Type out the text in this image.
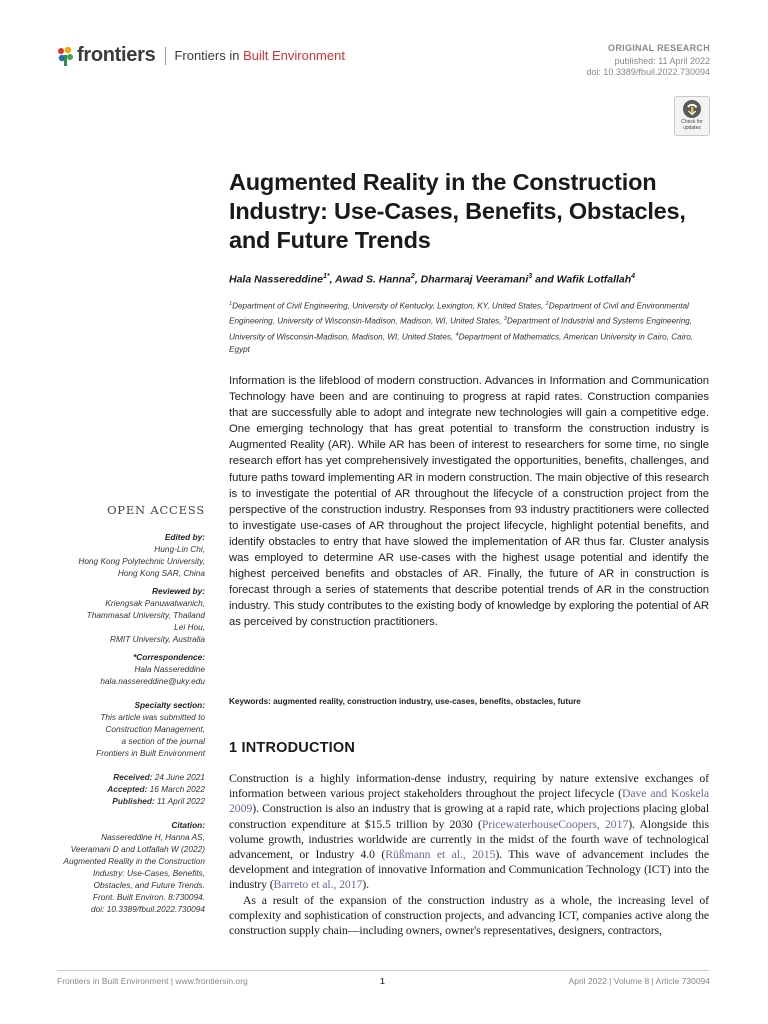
frontiers Frontiers in Built Environment	ORIGINAL RESEARCH
published: 11 April 2022
doi: 10.3389/fbuil.2022.730094
Check for
updates
Augmented Reality in the Construction Industry: Use-Cases, Benefits, Obstacles, and Future Trends
Hala Nassereddine$^{1*}$, Awad S. Hanna$^2$, Dharmaraj Veeramani$^3$ and Wafik Lotfallah$^4$
$^1$Department of Civil Engineering, University of Kentucky, Lexington, KY, United States, $^2$Department of Civil and Environmental Engineering, University of Wisconsin-Madison, Madison, WI, United States, $^3$Department of Industrial and Systems Engineering, University of Wisconsin-Madison, Madison, WI, United States, $^4$Department of Mathematics, American University in Cairo, Cairo, Egypt
Information is the lifeblood of modern construction. Advances in Information and Communication Technology have been and are continuing to progress at rapid rates. Construction companies that are successfully able to adopt and integrate new technologies will gain a competitive edge. One emerging technology that has great potential to transform the construction industry is Augmented Reality (AR). While AR has been of interest to researchers for some time, no single research effort has yet comprehensively investigated the opportunities, benefits, challenges, and future paths toward implementing AR in modern construction. The main objective of this research is to investigate the potential of AR throughout the lifecycle of a construction project from the perspective of the construction industry. Responses from 93 industry practitioners were collected to investigate use-cases of AR throughout the project lifecycle, highlight potential benefits, and identify obstacles to entry that have slowed the implementation of AR thus far. Cluster analysis was employed to determine AR use-cases with the highest usage potential and identify the highest perceived benefits and obstacles of AR. Finally, the future of AR in construction is forecast through a series of statements that describe potential trends of AR in the construction industry. This study contributes to the existing body of knowledge by exploring the potential of AR as perceived by construction practitioners.
Keywords: augmented reality, construction industry, use-cases, benefits, obstacles, future
OPEN ACCESS
Edited by:
Hung-Lin Chi,
Hong Kong Polytechnic University,
Hong Kong SAR, China
Reviewed by:
Kriengsak Panuwatwanich,
Thammasat University, Thailand
Lei Hou,
RMIT University, Australia
*Correspondence:
Hala Nassereddine
hala.nassereddine@uky.edu
Specialty section:
This article was submitted to
Construction Management,
a section of the journal
Frontiers in Built Environment
Received: 24 June 2021
Accepted: 16 March 2022
Published: 11 April 2022
Citation:
Nassereddine H, Hanna AS,
Veeramani D and Lotfallah W (2022)
Augmented Reality in the Construction
Industry: Use-Cases, Benefits,
Obstacles, and Future Trends.
Front. Built Environ. 8:730094.
doi: 10.3389/fbuil.2022.730094
1 INTRODUCTION

Construction is a highly information-dense industry, requiring by nature extensive exchanges of information between various project stakeholders throughout the project lifecycle (Dave and Koskela 2009). Construction is also an industry that is growing at a rapid rate, which projections placing global construction expenditure at $15.5 trillion by 2030 (PricewaterhouseCoopers, 2017). Alongside this volume growth, industries worldwide are currently in the midst of the fourth wave of technological advancement, or Industry 4.0 (Rüßmann et al., 2015). This wave of advancement includes the development and integration of innovative Information and Communication Technology (ICT) into the industry (Barreto et al., 2017).

As a result of the expansion of the construction industry as a whole, the increasing level of complexity and sophistication of construction projects, and advancing ICT, companies active along the construction supply chain—including owners, owner's representatives, designers, contractors,

Frontiers in Built Environment | www.frontiersin.org	1	April 2022 | Volume 8 | Article 730094
